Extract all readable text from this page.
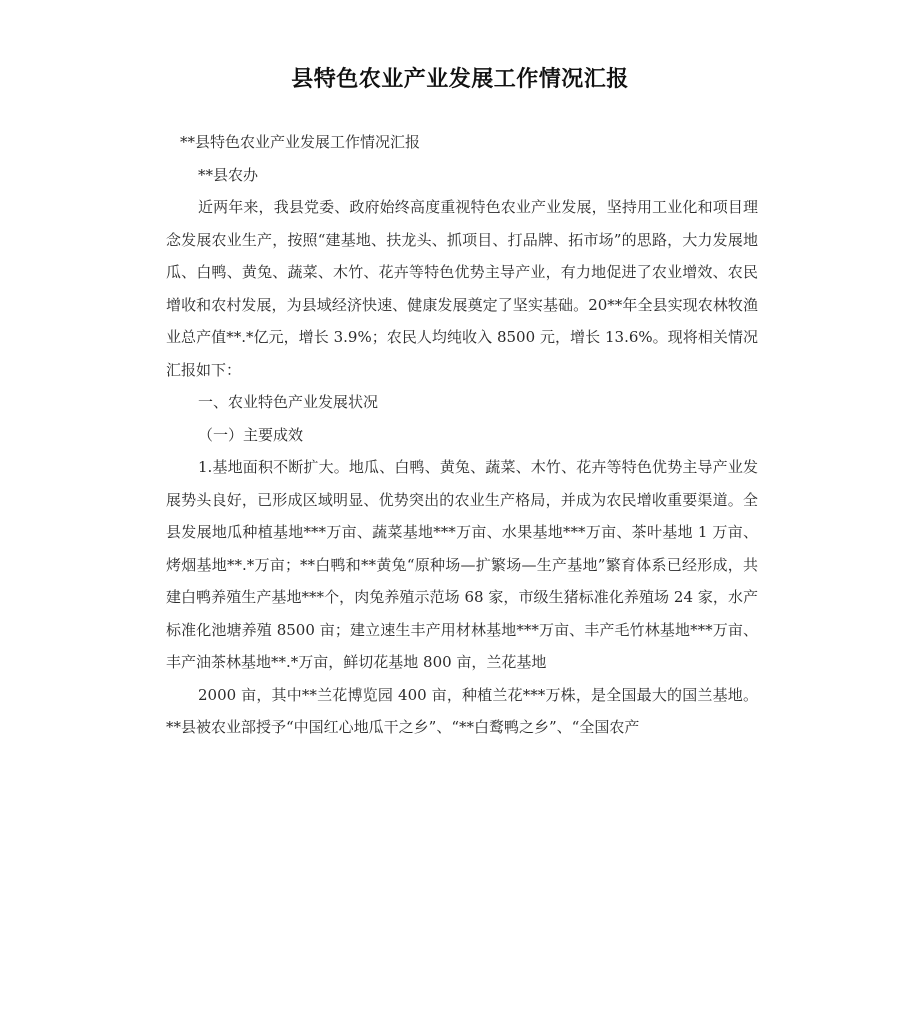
县特色农业产业发展工作情况汇报

**县特色农业产业发展工作情况汇报

**县农办

近两年来，我县党委、政府始终高度重视特色农业产业发展，坚持用工业化和项目理念发展农业生产，按照“建基地、扶龙头、抓项目、打品牌、拓市场”的思路，大力发展地瓜、白鸭、黄兔、蔬菜、木竹、花卉等特色优势主导产业，有力地促进了农业增效、农民增收和农村发展，为县域经济快速、健康发展奠定了坚实基础。20**年全县实现农林牧渔业总产值**.*亿元，增长 3.9%；农民人均纯收入 8500 元，增长 13.6%。现将相关情况汇报如下：

一、农业特色产业发展状况

（一）主要成效

1.基地面积不断扩大。地瓜、白鸭、黄兔、蔬菜、木竹、花卉等特色优势主导产业发展势头良好，已形成区域明显、优势突出的农业生产格局，并成为农民增收重要渠道。全县发展地瓜种植基地***万亩、蔬菜基地***万亩、水果基地***万亩、茶叶基地 1 万亩、烤烟基地**.*万亩；**白鸭和**黄兔“原种场—扩繁场—生产基地”繁育体系已经形成，共建白鸭养殖生产基地***个，肉兔养殖示范场 68 家，市级生猪标准化养殖场 24 家，水产标准化池塘养殖 8500 亩；建立速生丰产用材林基地***万亩、丰产毛竹林基地***万亩、丰产油茶林基地**.*万亩，鲜切花基地 800 亩，兰花基地

2000 亩，其中**兰花博览园 400 亩，种植兰花***万株，是全国最大的国兰基地。**县被农业部授予“中国红心地瓜干之乡”、“**白鹜鸭之乡”、“全国农产
